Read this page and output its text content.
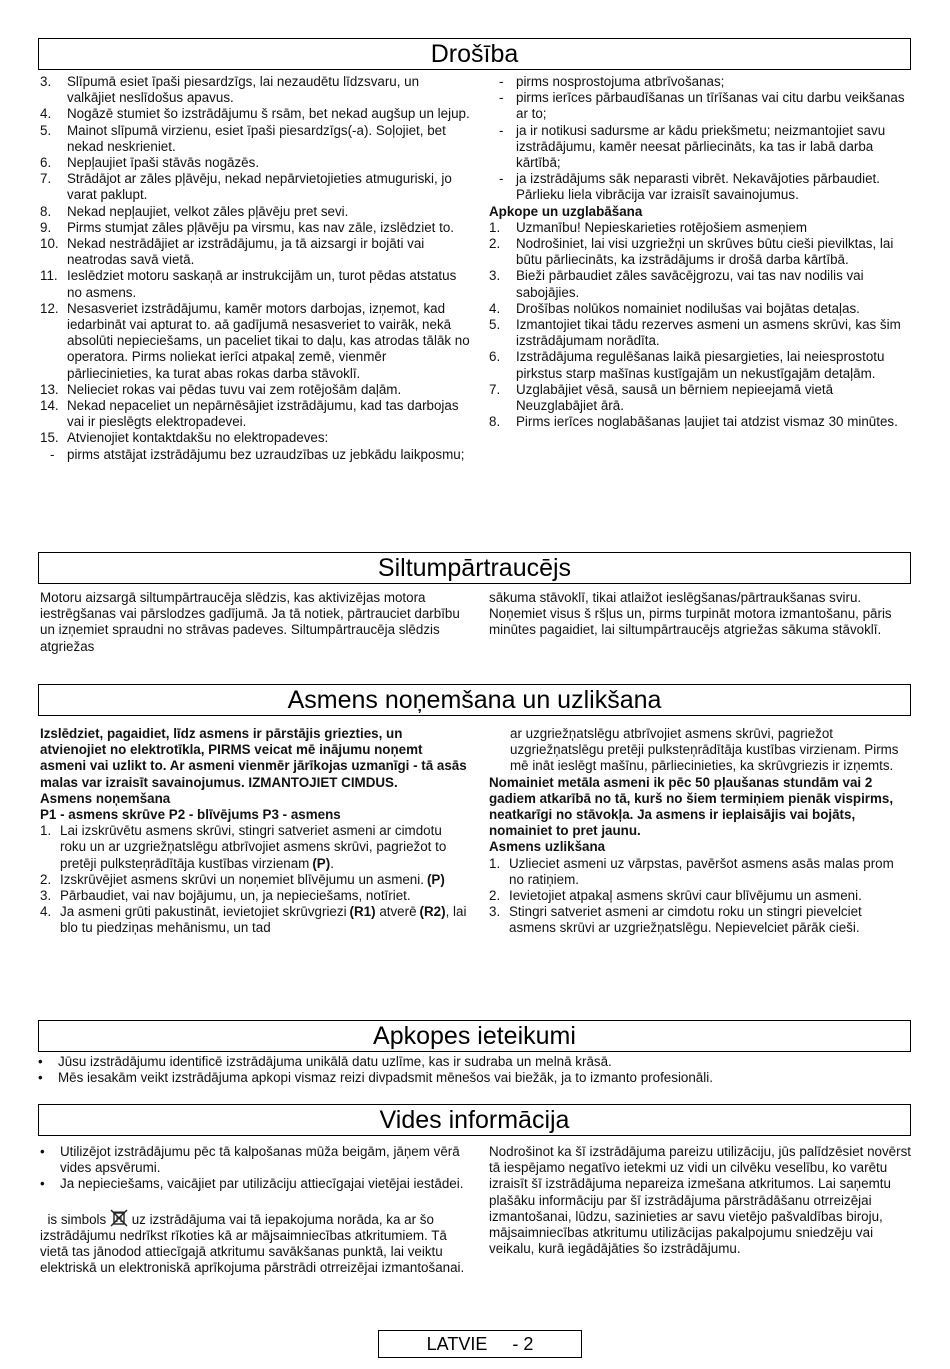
Drošība
3. Slīpumā esiet īpaši piesardzīgs, lai nezaudētu līdzsvaru, un valkājiet neslīdošus apavus.
4. Nogāzē stumiet šo izstrādājumu š rsām, bet nekad augšup un lejup.
5. Mainot slīpumā virzienu, esiet īpaši piesardzīgs(-a). Soļojiet, bet nekad neskrieniet.
6. Nepļaujiet īpaši stāvās nogāzēs.
7. Strādājot ar zāles pļāvēju, nekad nepārvietojieties atmuguriski, jo varat paklupt.
8. Nekad nepļaujiet, velkot zāles pļāvēju pret sevi.
9. Pirms stumjat zāles pļāvēju pa virsmu, kas nav zāle, izslēdziet to.
10. Nekad nestrādājiet ar izstrādājumu, ja tā aizsargi ir bojāti vai neatrodas savā vietā.
11. Ieslēdziet motoru saskaņā ar instrukcijām un, turot pēdas atstatus no asmens.
12. Nesasveriet izstrādājumu, kamēr motors darbojas, izņemot, kad iedarbināt vai apturat to. aā gadījumā nesasveriet to vairāk, nekā absolūti nepieciešams, un paceliet tikai to daļu, kas atrodas tālāk no operatora. Pirms noliekat ierīci atpakaļ zemē, vienmēr pārliecinieties, ka turat abas rokas darba stāvoklī.
13. Nelieciet rokas vai pēdas tuvu vai zem rotējošām daļām.
14. Nekad nepaceliet un nepārnēsājiet izstrādājumu, kad tas darbojas vai ir pieslēgts elektropadevei.
15. Atvienojiet kontaktdakšu no elektropadeves:
- pirms atstājat izstrādājumu bez uzraudzības uz jebkādu laikposmu;
- pirms nosprostojuma atbrīvošanas;
- pirms ierīces pārbaudīšanas un tīrīšanas vai citu darbu veikšanas ar to;
- ja ir notikusi sadursme ar kādu priekšmetu; neizmantojiet savu izstrādājumu, kamēr neesat pārliecināts, ka tas ir labā darba kārtībā;
- ja izstrādājums sāk neparasti vibrēt. Nekavājoties pārbaudiet. Pārlieku liela vibrācija var izraisīt savainojumus.
Apkope un uzglabāšana
1. Uzmanību! Nepieskarieties rotējošiem asmeņiem
2. Nodrošiniet, lai visi uzgriežņi un skrūves būtu cieši pievilktas, lai būtu pārliecināts, ka izstrādājums ir drošā darba kārtībā.
3. Bieži pārbaudiet zāles savācējgrozu, vai tas nav nodilis vai sabojājies.
4. Drošības nolūkos nomainiet nodilušas vai bojātas detaļas.
5. Izmantojiet tikai tādu rezerves asmeni un asmens skrūvi, kas šim izstrādājumam norādīta.
6. Izstrādājuma regulēšanas laikā piesargieties, lai neiesprostotu pirkstus starp mašīnas kustīgajām un nekustīgajām detaļām.
7. Uzglabājiet vēsā, sausā un bērniem nepieejamā vietā Neuzglabājiet ārā.
8. Pirms ierīces noglabāšanas ļaujiet tai atdzist vismaz 30 minūtes.
Siltumpārtraucējs
Motoru aizsargā siltumpārtraucēja slēdzis, kas aktivizējas motora iestrēgšanas vai pārslodzes gadījumā. Ja tā notiek, pārtrauciet darbību un izņemiet spraudni no strāvas padeves. Siltumpārtraucēja slēdzis atgriežas
sākuma stāvoklī, tikai atlaižot ieslēgšanas/pārtraukšanas sviru. Noņemiet visus š ršļus un, pirms turpināt motora izmantošanu, pāris minūtes pagaidiet, lai siltumpārtraucējs atgriežas sākuma stāvoklī.
Asmens noņemšana un uzlikšana

Izslēdziet, pagaidiet, līdz asmens ir pārstājis griezties, un atvienojiet no elektrotīkla, PIRMS veicat mē inājumu noņemt asmeni vai uzlikt to. Ar asmeni vienmēr jārīkojas uzmanīgi - tā asās malas var izraisīt savainojumus. IZMANTOJIET CIMDUS.

Asmens noņemšana
P1 - asmens skrūve P2 - blīvējums P3 - asmens
1. Lai izskrūvētu asmens skrūvi, stingri satveriet asmeni ar cimdotu roku un ar uzgriežņatslēgu atbrīvojiet asmens skrūvi, pagriežot to pretēji pulksteņrādītāja kustības virzienam (P).
2. Izskrūvējiet asmens skrūvi un noņemiet blīvējumu un asmeni. (P)
3. Pārbaudiet, vai nav bojājumu, un, ja nepieciešams, notīriet.
4. Ja asmeni grūti pakustināt, ievietojiet skrūvgriezi (R1) atverē (R2), lai blo tu piedziņas mehānismu, un tad
ar uzgriežņatslēgu atbrīvojiet asmens skrūvi, pagriežot uzgriežņatslēgu pretēji pulksteņrādītāja kustības virzienam. Pirms mē ināt ieslēgt mašīnu, pārliecinieties, ka skrūvgriezis ir izņemts.

Nomainiet metāla asmeni ik pēc 50 pļaušanas stundām vai 2 gadiem atkarībā no tā, kurš no šiem termiņiem pienāk vispirms, neatkarīgi no stāvokļa. Ja asmens ir ieplaisājis vai bojāts, nomainiet to pret jaunu.

Asmens uzlikšana
1. Uzlieciet asmeni uz vārpstas, pavēršot asmens asās malas prom no ratiņiem.
2. Ievietojiet atpakaļ asmens skrūvi caur blīvējumu un asmeni.
3. Stingri satveriet asmeni ar cimdotu roku un stingri pievelciet asmens skrūvi ar uzgriežņatslēgu. Nepievelciet pārāk cieši.
Apkopes ieteikumi
• Jūsu izstrādājumu identificē izstrādājuma unikālā datu uzlīme, kas ir sudraba un melnā krāsā.
• Mēs iesakām veikt izstrādājuma apkopi vismaz reizi divpadsmit mēnešos vai biežāk, ja to izmanto profesionāli.
Vides informācija
• Utilizējot izstrādājumu pēc tā kalpošanas mūža beigām, jāņem vērā vides apsvērumi.
• Ja nepieciešams, vaicājiet par utilizāciju attiecīgajai vietējai iestādei.

is simbols uz izstrādājuma vai tā iepakojuma norāda, ka ar šo izstrādājumu nedrīkst rīkoties kā ar mājsaimniecības atkritumiem. Tā vietā tas jānodod attiecīgajā atkritumu savākšanas punktā, lai veiktu elektriskā un elektroniskā aprīkojuma pārstrādi otrreizējai izmantošanai.

Nodrošinot ka šī izstrādājuma pareizu utilizāciju, jūs palīdzēsiet novērst tā iespējamo negatīvo ietekmi uz vidi un cilvēku veselību, ko varētu izraisīt šī izstrādājuma nepareiza izmešana atkritumos. Lai saņemtu plašāku informāciju par šī izstrādājuma pārstrādāšanu otrreizējai izmantošanai, lūdzu, sazinieties ar savu vietējo pašvaldības biroju, mājsaimniecības atkritumu utilizācijas pakalpojumu sniedzēju vai veikalu, kurā iegādājāties šo izstrādājumu.
LATVIE     - 2
